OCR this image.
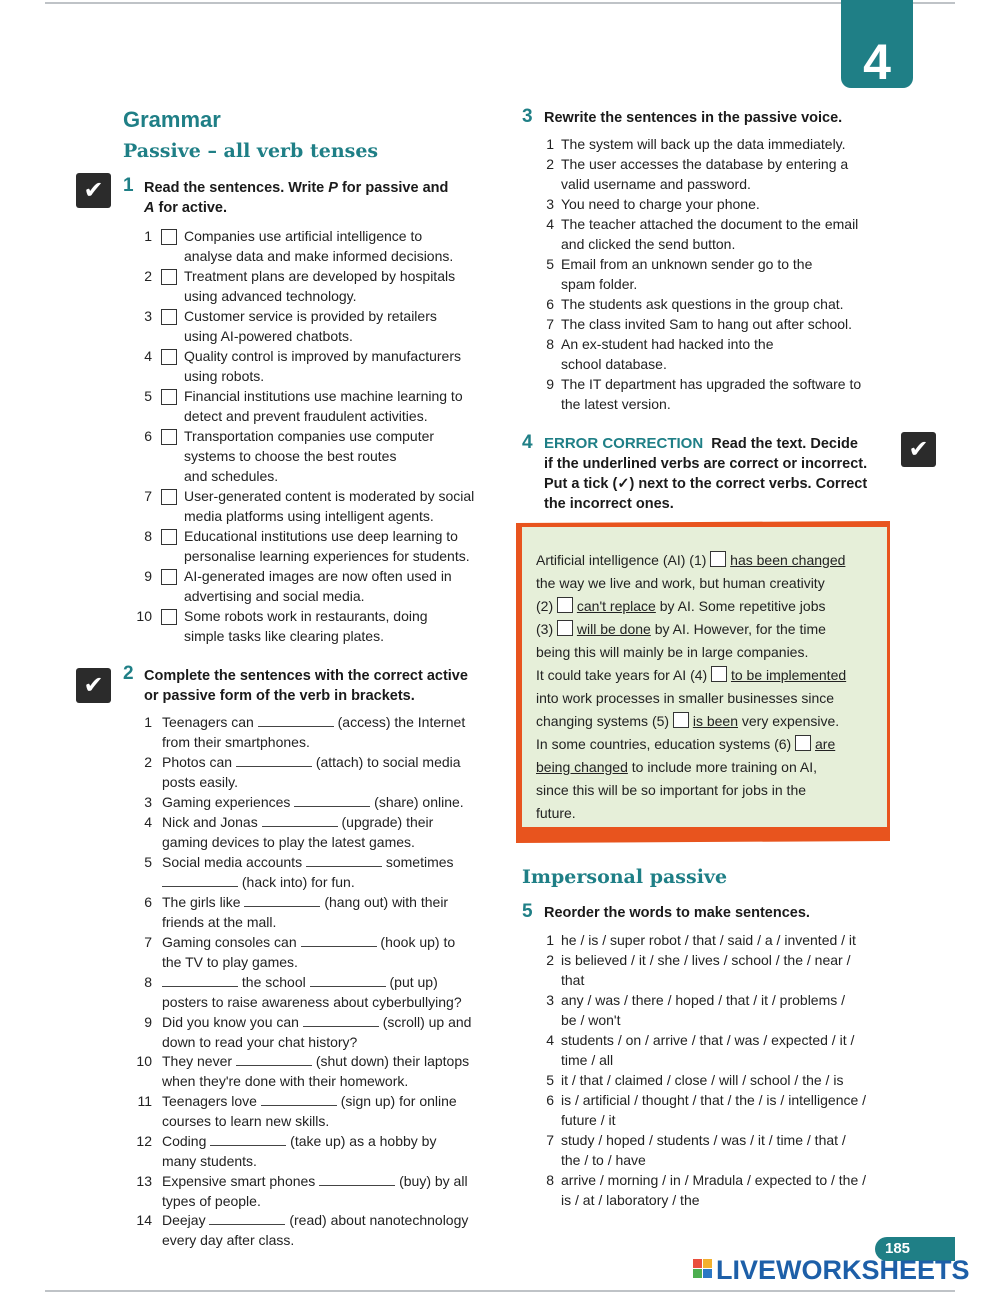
4
Grammar
Passive – all verb tenses
✔	1 Read the sentences. Write P for passive and
A for active.
1 Companies use artificial intelligence to
analyse data and make informed decisions.
2 Treatment plans are developed by hospitals
using advanced technology.
3 Customer service is provided by retailers
using AI-powered chatbots.
4 Quality control is improved by manufacturers
using robots.
5 Financial institutions use machine learning to
detect and prevent fraudulent activities.
6 Transportation companies use computer
systems to choose the best routes
and schedules.
7 User-generated content is moderated by social
media platforms using intelligent agents.
8 Educational institutions use deep learning to
personalise learning experiences for students.
9 AI-generated images are now often used in
advertising and social media.
10 Some robots work in restaurants, doing
simple tasks like clearing plates.
✔	2 Complete the sentences with the correct active
or passive form of the verb in brackets.
1 Teenagers can	(access) the Internet
from their smartphones.
2 Photos can	(attach) to social media
posts easily.
3 Gaming experiences	(share) online.
4 Nick and Jonas	(upgrade) their
gaming devices to play the latest games.
5 Social media accounts	sometimes
(hack into) for fun.
6 The girls like	(hang out) with their
friends at the mall.
7 Gaming consoles can	(hook up) to
the TV to play games.
8	the school	(put up)
posters to raise awareness about cyberbullying?
9 Did you know you can	(scroll) up and
down to read your chat history?
10 They never	(shut down) their laptops
when they're done with their homework.
11 Teenagers love	(sign up) for online
courses to learn new skills.
12 Coding	(take up) as a hobby by
many students.
13 Expensive smart phones	(buy) by all
types of people.
14 Deejay	(read) about nanotechnology
every day after class.
3 Rewrite the sentences in the passive voice.
1 The system will back up the data immediately.
2 The user accesses the database by entering a
valid username and password.
3 You need to charge your phone.
4 The teacher attached the document to the email
and clicked the send button.
5 Email from an unknown sender go to the
spam folder.
6 The students ask questions in the group chat.
7 The class invited Sam to hang out after school.
8 An ex-student had hacked into the
school database.
9 The IT department has upgraded the software to
the latest version.
✔
4 ERROR CORRECTION Read the text. Decide
if the underlined verbs are correct or incorrect.
Put a tick (✓) next to the correct verbs. Correct
the incorrect ones.
Artificial intelligence (AI) (1)  has been changed
the way we live and work, but human creativity
(2)  can't replace by AI. Some repetitive jobs
(3)  will be done by AI. However, for the time
being this will mainly be in large companies.
It could take years for AI (4)  to be implemented
into work processes in smaller businesses since
changing systems (5)  is been very expensive.
In some countries, education systems (6)  are
being changed to include more training on AI,
since this will be so important for jobs in the
future.
Impersonal passive
5 Reorder the words to make sentences.
1 he / is / super robot / that / said / a / invented / it
2 is believed / it / she / lives / school / the / near /
that
3 any / was / there / hoped / that / it / problems /
be / won't
4 students / on / arrive / that / was / expected / it /
time / all
5 it / that / claimed / close / will / school / the / is
6 is / artificial / thought / that / the / is / intelligence /
future / it
7 study / hoped / students / was / it / time / that /
the / to / have
8 arrive / morning / in / Mradula / expected to / the /
is / at / laboratory / the
185
LIVEWORKSHEETS
